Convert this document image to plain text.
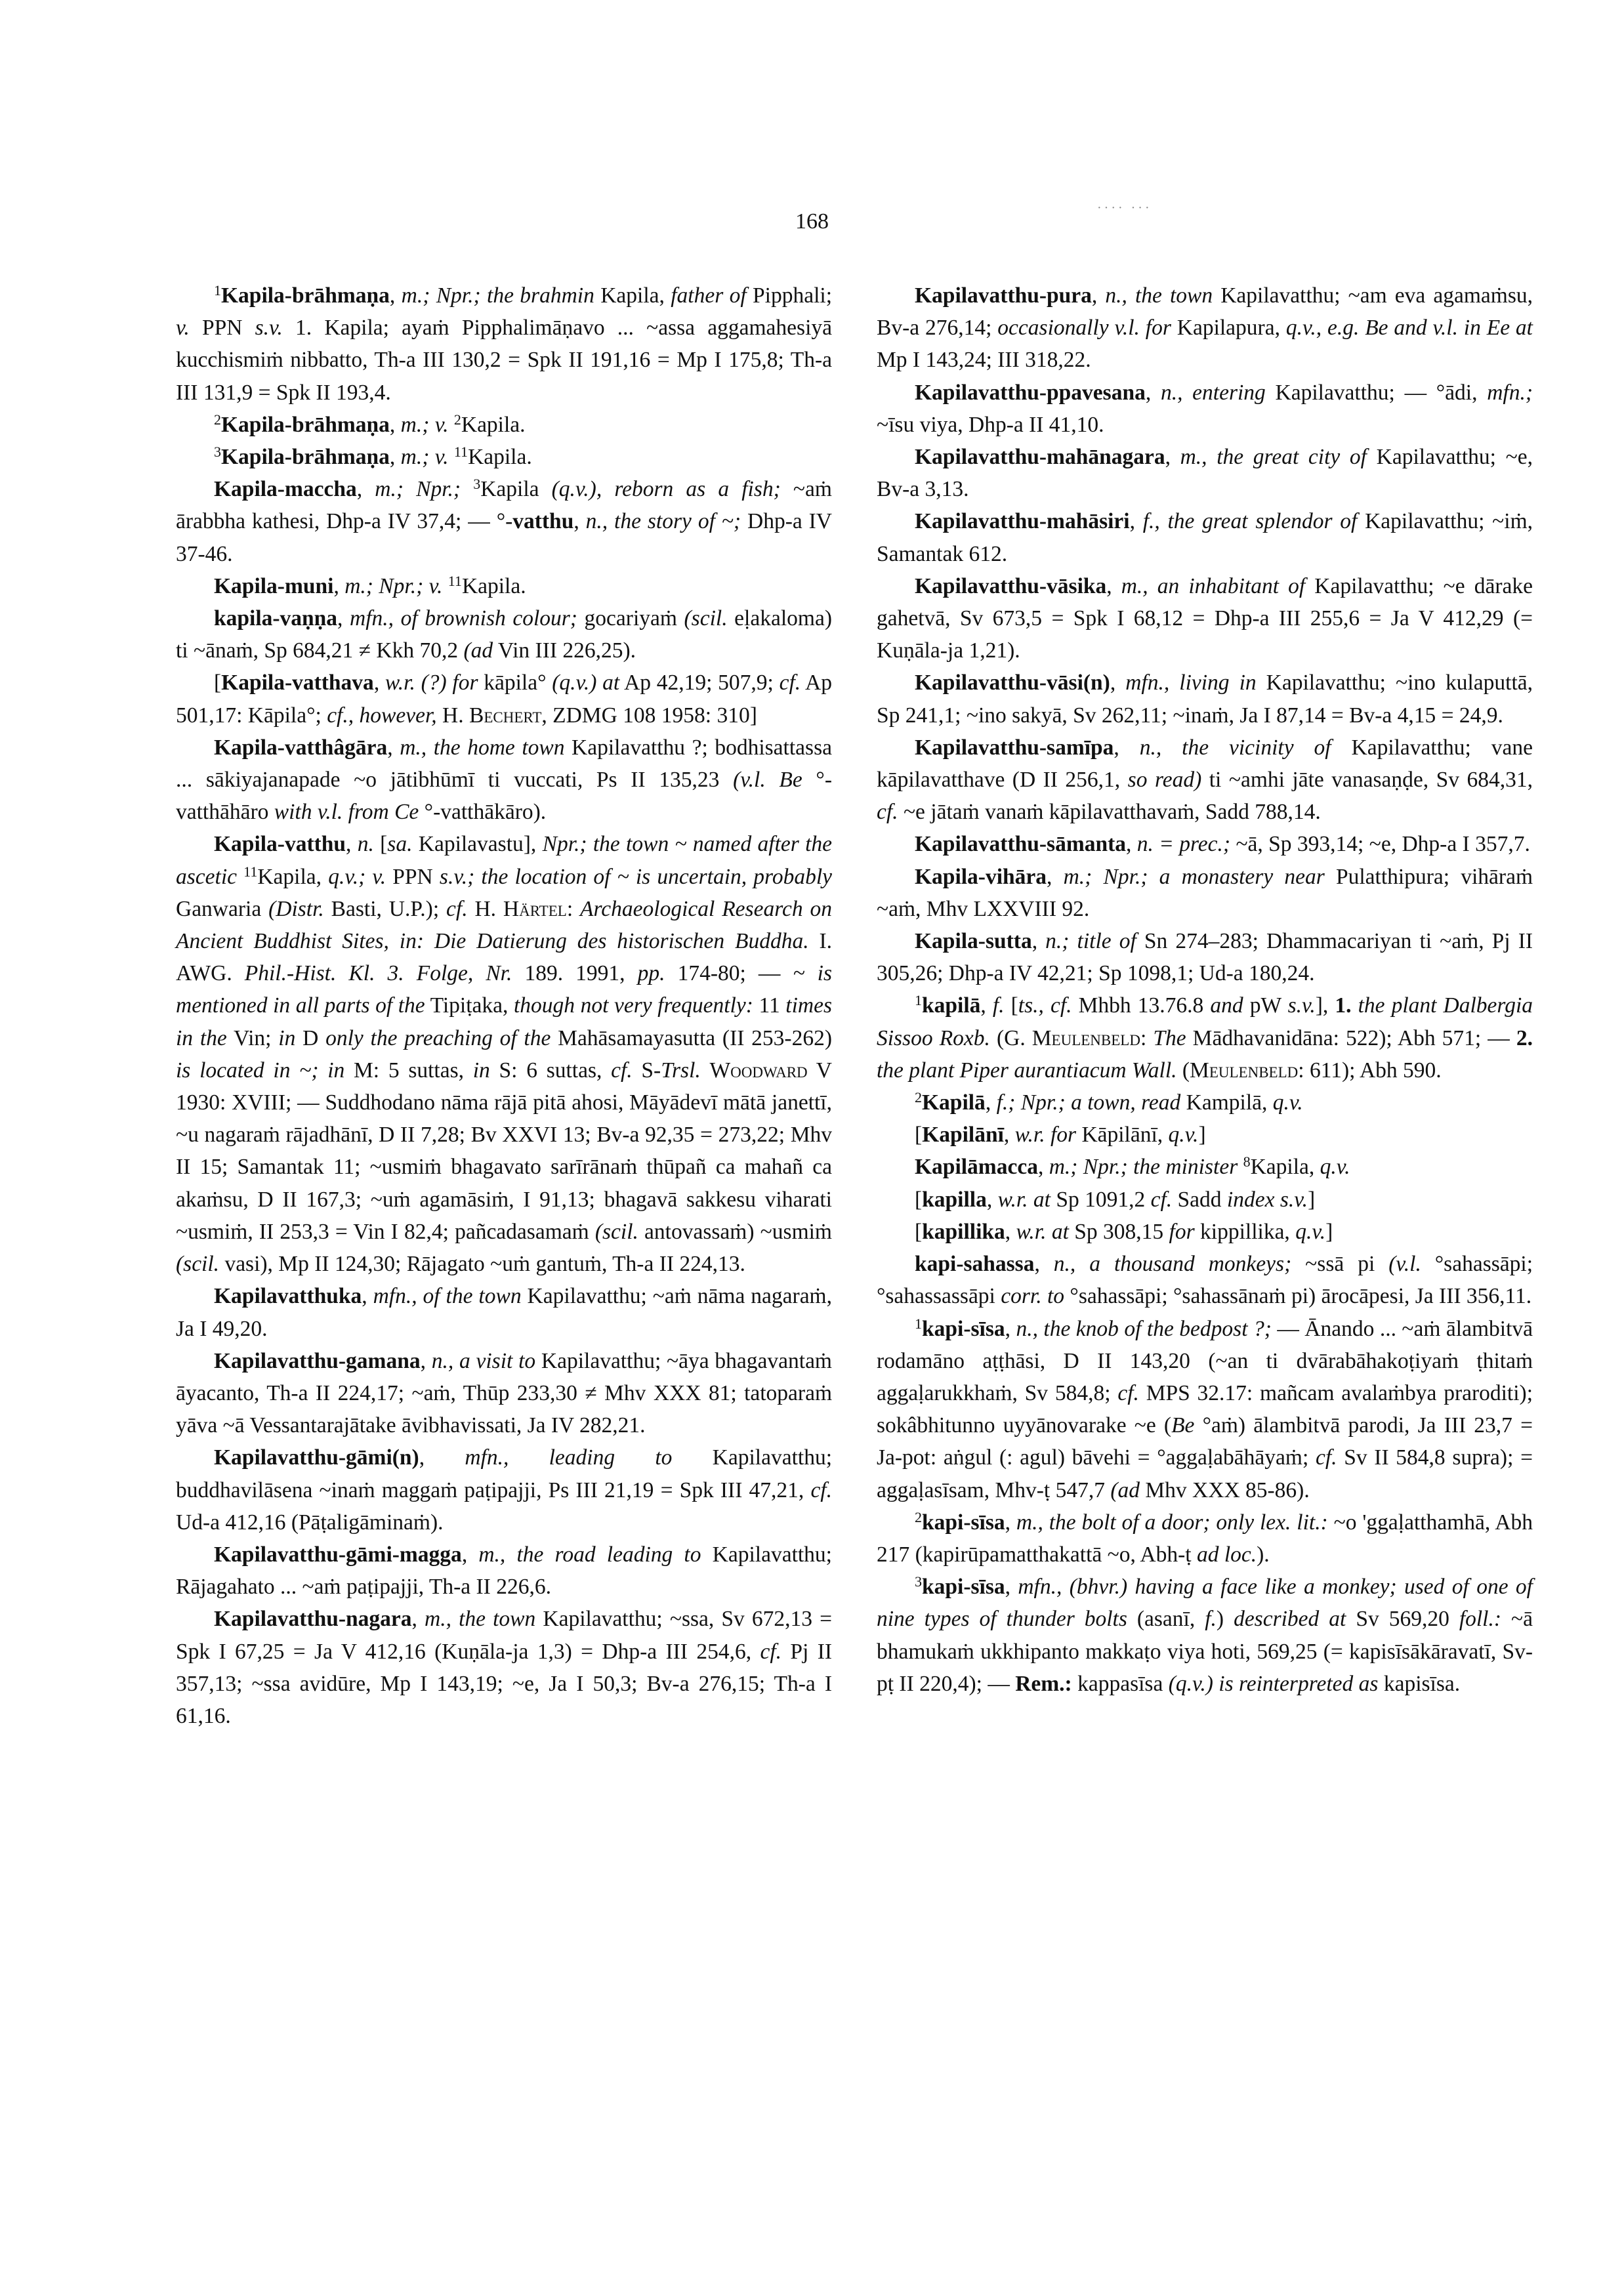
168
···· ···

$^1$Kapila-brāhmaṇa, m.; Npr.; the brahmin Kapila, father of Pipphali; v. PPN s.v. 1. Kapila; ayaṁ Pipphalimāṇavo ... ~assa aggamahesiyā kucchismiṁ nibbatto, Th-a III 130,2 = Spk II 191,16 = Mp I 175,8; Th-a III 131,9 = Spk II 193,4.

$^2$Kapila-brāhmaṇa, m.; v. $^2$Kapila.

$^3$Kapila-brāhmaṇa, m.; v. $^{11}$Kapila.

Kapila-maccha, m.; Npr.; $^3$Kapila (q.v.), reborn as a fish; ~aṁ ārabbha kathesi, Dhp-a IV 37,4; — °-vatthu, n., the story of ~; Dhp-a IV 37-46.

Kapila-muni, m.; Npr.; v. $^{11}$Kapila.

kapila-vaṇṇa, mfn., of brownish colour; gocariyaṁ (scil. eḷakaloma) ti ~ānaṁ, Sp 684,21 ≠ Kkh 70,2 (ad Vin III 226,25).

[Kapila-vatthava, w.r. (?) for kāpila° (q.v.) at Ap 42,19; 507,9; cf. Ap 501,17: Kāpila°; cf., however, H. Bechert, ZDMG 108 1958: 310]

Kapila-vatthâgāra, m., the home town Kapilavatthu ?; bodhisattassa ... sākiyajanapade ~o jātibhūmī ti vuccati, Ps II 135,23 (v.l. Be °-vatthāhāro with v.l. from Ce °-vatthākāro).

Kapila-vatthu, n. [sa. Kapilavastu], Npr.; the town ~ named after the ascetic $^{11}$Kapila, q.v.; v. PPN s.v.; the location of ~ is uncertain, probably Ganwaria (Distr. Basti, U.P.); cf. H. Härtel: Archaeological Research on Ancient Buddhist Sites, in: Die Datierung des historischen Buddha. I. AWG. Phil.-Hist. Kl. 3. Folge, Nr. 189. 1991, pp. 174-80; — ~ is mentioned in all parts of the Tipiṭaka, though not very frequently: 11 times in the Vin; in D only the preaching of the Mahāsamayasutta (II 253-262) is located in ~; in M: 5 suttas, in S: 6 suttas, cf. S-Trsl. Woodward V 1930: XVIII; — Suddhodano nāma rājā pitā ahosi, Māyādevī mātā janettī, ~u nagaraṁ rājadhānī, D II 7,28; Bv XXVI 13; Bv-a 92,35 = 273,22; Mhv II 15; Samantak 11; ~usmiṁ bhagavato sarīrānaṁ thūpañ ca mahañ ca akaṁsu, D II 167,3; ~uṁ agamāsiṁ, I 91,13; bhagavā sakkesu viharati ~usmiṁ, II 253,3 = Vin I 82,4; pañcadasamaṁ (scil. antovassaṁ) ~usmiṁ (scil. vasi), Mp II 124,30; Rājagato ~uṁ gantuṁ, Th-a II 224,13.

Kapilavatthuka, mfn., of the town Kapilavatthu; ~aṁ nāma nagaraṁ, Ja I 49,20.

Kapilavatthu-gamana, n., a visit to Kapilavatthu; ~āya bhagavantaṁ āyacanto, Th-a II 224,17; ~aṁ, Thūp 233,30 ≠ Mhv XXX 81; tatoparaṁ yāva ~ā Vessantarajātake āvibhavissati, Ja IV 282,21.

Kapilavatthu-gāmi(n), mfn., leading to Kapilavatthu; buddhavilāsena ~inaṁ maggaṁ paṭipajji, Ps III 21,19 = Spk III 47,21, cf. Ud-a 412,16 (Pāṭaligāminaṁ).

Kapilavatthu-gāmi-magga, m., the road leading to Kapilavatthu; Rājagahato ... ~aṁ paṭipajji, Th-a II 226,6.

Kapilavatthu-nagara, m., the town Kapilavatthu; ~ssa, Sv 672,13 = Spk I 67,25 = Ja V 412,16 (Kuṇāla-ja 1,3) = Dhp-a III 254,6, cf. Pj II 357,13; ~ssa avidūre, Mp I 143,19; ~e, Ja I 50,3; Bv-a 276,15; Th-a I 61,16.

Kapilavatthu-pura, n., the town Kapilavatthu; ~am eva agamaṁsu, Bv-a 276,14; occasionally v.l. for Kapilapura, q.v., e.g. Be and v.l. in Ee at Mp I 143,24; III 318,22.

Kapilavatthu-ppavesana, n., entering Kapilavatthu; — °ādi, mfn.; ~īsu viya, Dhp-a II 41,10.

Kapilavatthu-mahānagara, m., the great city of Kapilavatthu; ~e, Bv-a 3,13.

Kapilavatthu-mahāsiri, f., the great splendor of Kapilavatthu; ~iṁ, Samantak 612.

Kapilavatthu-vāsika, m., an inhabitant of Kapilavatthu; ~e dārake gahetvā, Sv 673,5 = Spk I 68,12 = Dhp-a III 255,6 = Ja V 412,29 (= Kuṇāla-ja 1,21).

Kapilavatthu-vāsi(n), mfn., living in Kapilavatthu; ~ino kulaputtā, Sp 241,1; ~ino sakyā, Sv 262,11; ~inaṁ, Ja I 87,14 = Bv-a 4,15 = 24,9.

Kapilavatthu-samīpa, n., the vicinity of Kapilavatthu; vane kāpilavatthave (D II 256,1, so read) ti ~amhi jāte vanasaṇḍe, Sv 684,31, cf. ~e jātaṁ vanaṁ kāpilavatthavaṁ, Sadd 788,14.

Kapilavatthu-sāmanta, n. = prec.; ~ā, Sp 393,14; ~e, Dhp-a I 357,7.

Kapila-vihāra, m.; Npr.; a monastery near Pulatthipura; vihāraṁ ~aṁ, Mhv LXXVIII 92.

Kapila-sutta, n.; title of Sn 274–283; Dhammacariyan ti ~aṁ, Pj II 305,26; Dhp-a IV 42,21; Sp 1098,1; Ud-a 180,24.

$^1$kapilā, f. [ts., cf. Mhbh 13.76.8 and pW s.v.], 1. the plant Dalbergia Sissoo Roxb. (G. Meulenbeld: The Mādhavanidāna: 522); Abh 571; — 2. the plant Piper aurantiacum Wall. (Meulenbeld: 611); Abh 590.

$^2$Kapilā, f.; Npr.; a town, read Kampilā, q.v.

[Kapilānī, w.r. for Kāpilānī, q.v.]

Kapilāmacca, m.; Npr.; the minister $^8$Kapila, q.v.

[kapilla, w.r. at Sp 1091,2 cf. Sadd index s.v.]

[kapillika, w.r. at Sp 308,15 for kippillika, q.v.]

kapi-sahassa, n., a thousand monkeys; ~ssā pi (v.l. °sahassāpi; °sahassassāpi corr. to °sahassāpi; °sahassānaṁ pi) ārocāpesi, Ja III 356,11.

$^1$kapi-sīsa, n., the knob of the bedpost ?; — Ānando ... ~aṁ ālambitvā rodamāno aṭṭhāsi, D II 143,20 (~an ti dvārabāhakoṭiyaṁ ṭhitaṁ aggaḷarukkhaṁ, Sv 584,8; cf. MPS 32.17: mañcam avalaṁbya praroditi); sokâbhitunno uyyānovarake ~e (Be °aṁ) ālambitvā parodi, Ja III 23,7 = Ja-pot: aṅgul (: agul) bāvehi = °aggaḷabāhāyaṁ; cf. Sv II 584,8 supra); = aggaḷasīsam, Mhv-ṭ 547,7 (ad Mhv XXX 85-86).

$^2$kapi-sīsa, m., the bolt of a door; only lex. lit.: ~o 'ggaḷatthamhā, Abh 217 (kapirūpamatthakattā ~o, Abh-ṭ ad loc.).

$^3$kapi-sīsa, mfn., (bhvr.) having a face like a monkey; used of one of nine types of thunder bolts (asanī, f.) described at Sv 569,20 foll.: ~ā bhamukaṁ ukkhipanto makkaṭo viya hoti, 569,25 (= kapisīsākāravatī, Sv-pṭ II 220,4); — Rem.: kappasīsa (q.v.) is reinterpreted as kapisīsa.
